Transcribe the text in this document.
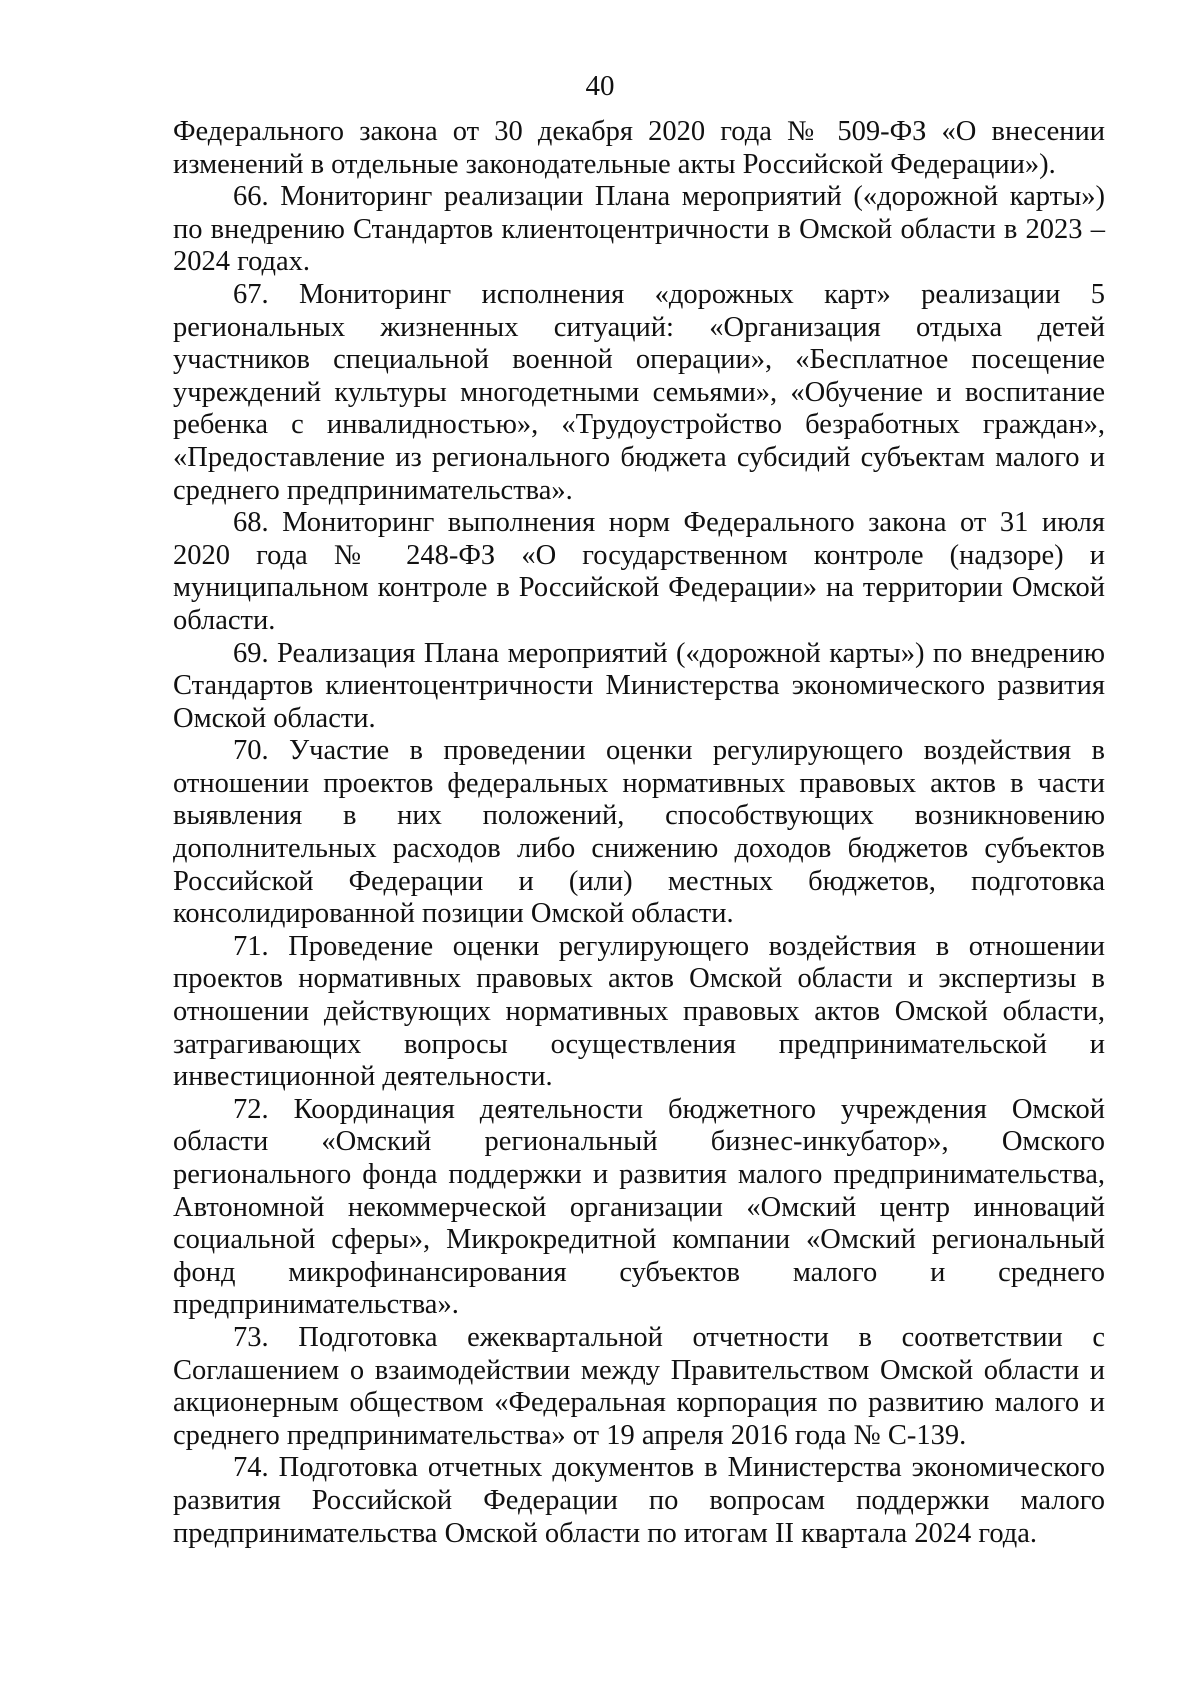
40

Федерального закона от 30 декабря 2020 года № 509-ФЗ «О внесении изменений в отдельные законодательные акты Российской Федерации»).

66. Мониторинг реализации Плана мероприятий («дорожной карты») по внедрению Стандартов клиентоцентричности в Омской области в 2023 – 2024 годах.

67. Мониторинг исполнения «дорожных карт» реализации 5 региональных жизненных ситуаций: «Организация отдыха детей участников специальной военной операции», «Бесплатное посещение учреждений культуры многодетными семьями», «Обучение и воспитание ребенка с инвалидностью», «Трудоустройство безработных граждан», «Предоставление из регионального бюджета субсидий субъектам малого и среднего предпринимательства».

68. Мониторинг выполнения норм Федерального закона от 31 июля 2020 года № 248-ФЗ «О государственном контроле (надзоре) и муниципальном контроле в Российской Федерации» на территории Омской области.

69. Реализация Плана мероприятий («дорожной карты») по внедрению Стандартов клиентоцентричности Министерства экономического развития Омской области.

70. Участие в проведении оценки регулирующего воздействия в отношении проектов федеральных нормативных правовых актов в части выявления в них положений, способствующих возникновению дополнительных расходов либо снижению доходов бюджетов субъектов Российской Федерации и (или) местных бюджетов, подготовка консолидированной позиции Омской области.

71. Проведение оценки регулирующего воздействия в отношении проектов нормативных правовых актов Омской области и экспертизы в отношении действующих нормативных правовых актов Омской области, затрагивающих вопросы осуществления предпринимательской и инвестиционной деятельности.

72. Координация деятельности бюджетного учреждения Омской области «Омский региональный бизнес-инкубатор», Омского регионального фонда поддержки и развития малого предпринимательства, Автономной некоммерческой организации «Омский центр инноваций социальной сферы», Микрокредитной компании «Омский региональный фонд микрофинансирования субъектов малого и среднего предпринимательства».

73. Подготовка ежеквартальной отчетности в соответствии с Соглашением о взаимодействии между Правительством Омской области и акционерным обществом «Федеральная корпорация по развитию малого и среднего предпринимательства» от 19 апреля 2016 года № С-139.

74. Подготовка отчетных документов в Министерства экономического развития Российской Федерации по вопросам поддержки малого предпринимательства Омской области по итогам II квартала 2024 года.
